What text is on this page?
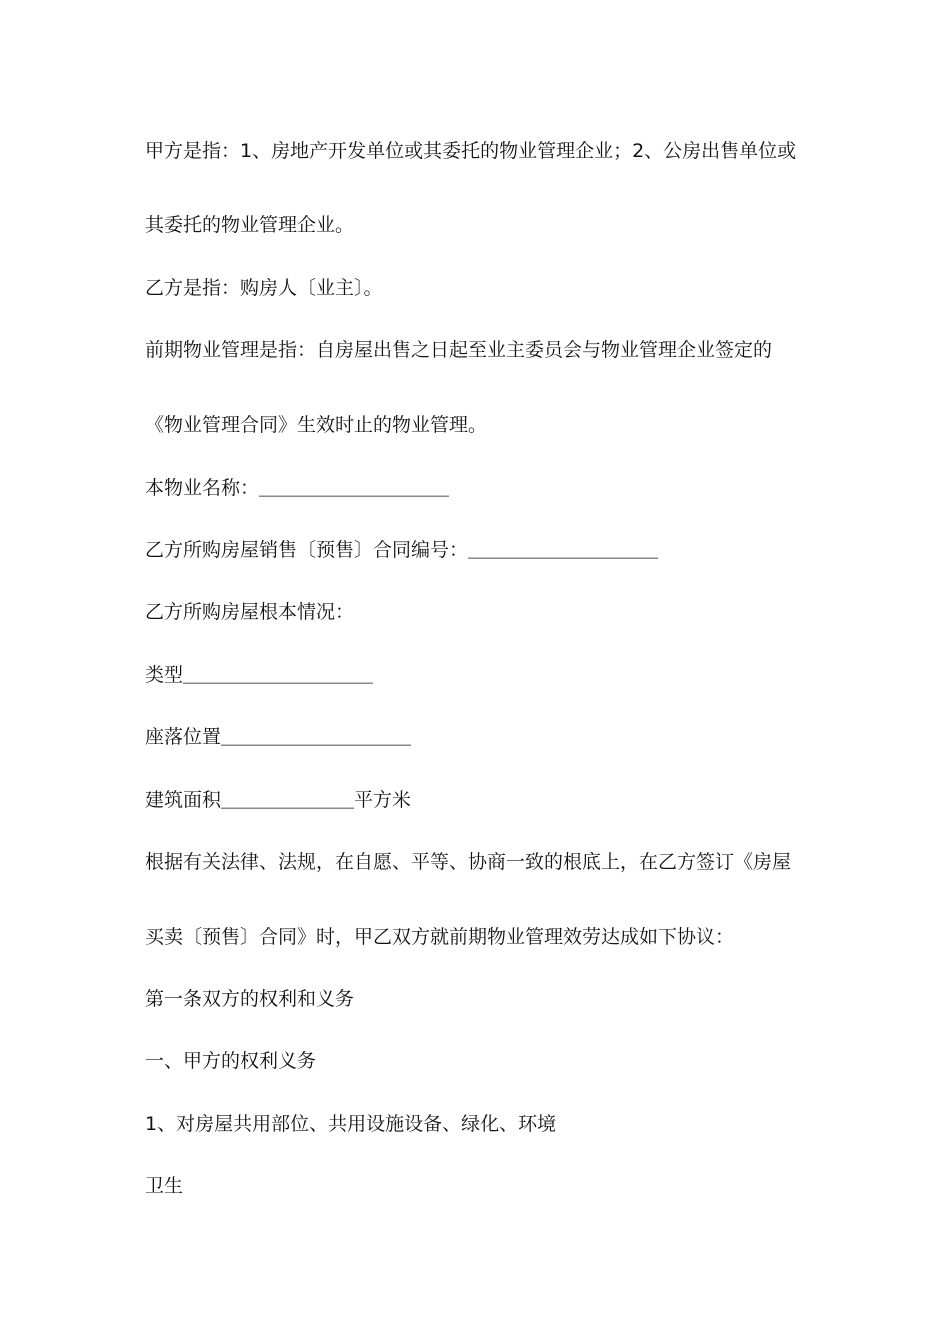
甲方是指：1、房地产开发单位或其委托的物业管理企业；2、公房出售单位或
其委托的物业管理企业。
乙方是指：购房人〔业主〕。
前期物业管理是指：自房屋出售之日起至业主委员会与物业管理企业签定的
《物业管理合同》生效时止的物业管理。
本物业名称：＿＿＿＿＿＿＿＿＿＿
乙方所购房屋销售〔预售〕合同编号：＿＿＿＿＿＿＿＿＿＿
乙方所购房屋根本情况：
类型＿＿＿＿＿＿＿＿＿＿
座落位置＿＿＿＿＿＿＿＿＿＿
建筑面积＿＿＿＿＿＿＿平方米
根据有关法律、法规，在自愿、平等、协商一致的根底上，在乙方签订《房屋
买卖〔预售〕合同》时，甲乙双方就前期物业管理效劳达成如下协议：
第一条双方的权利和义务
一、甲方的权利义务
1、对房屋共用部位、共用设施设备、绿化、环境
卫生
